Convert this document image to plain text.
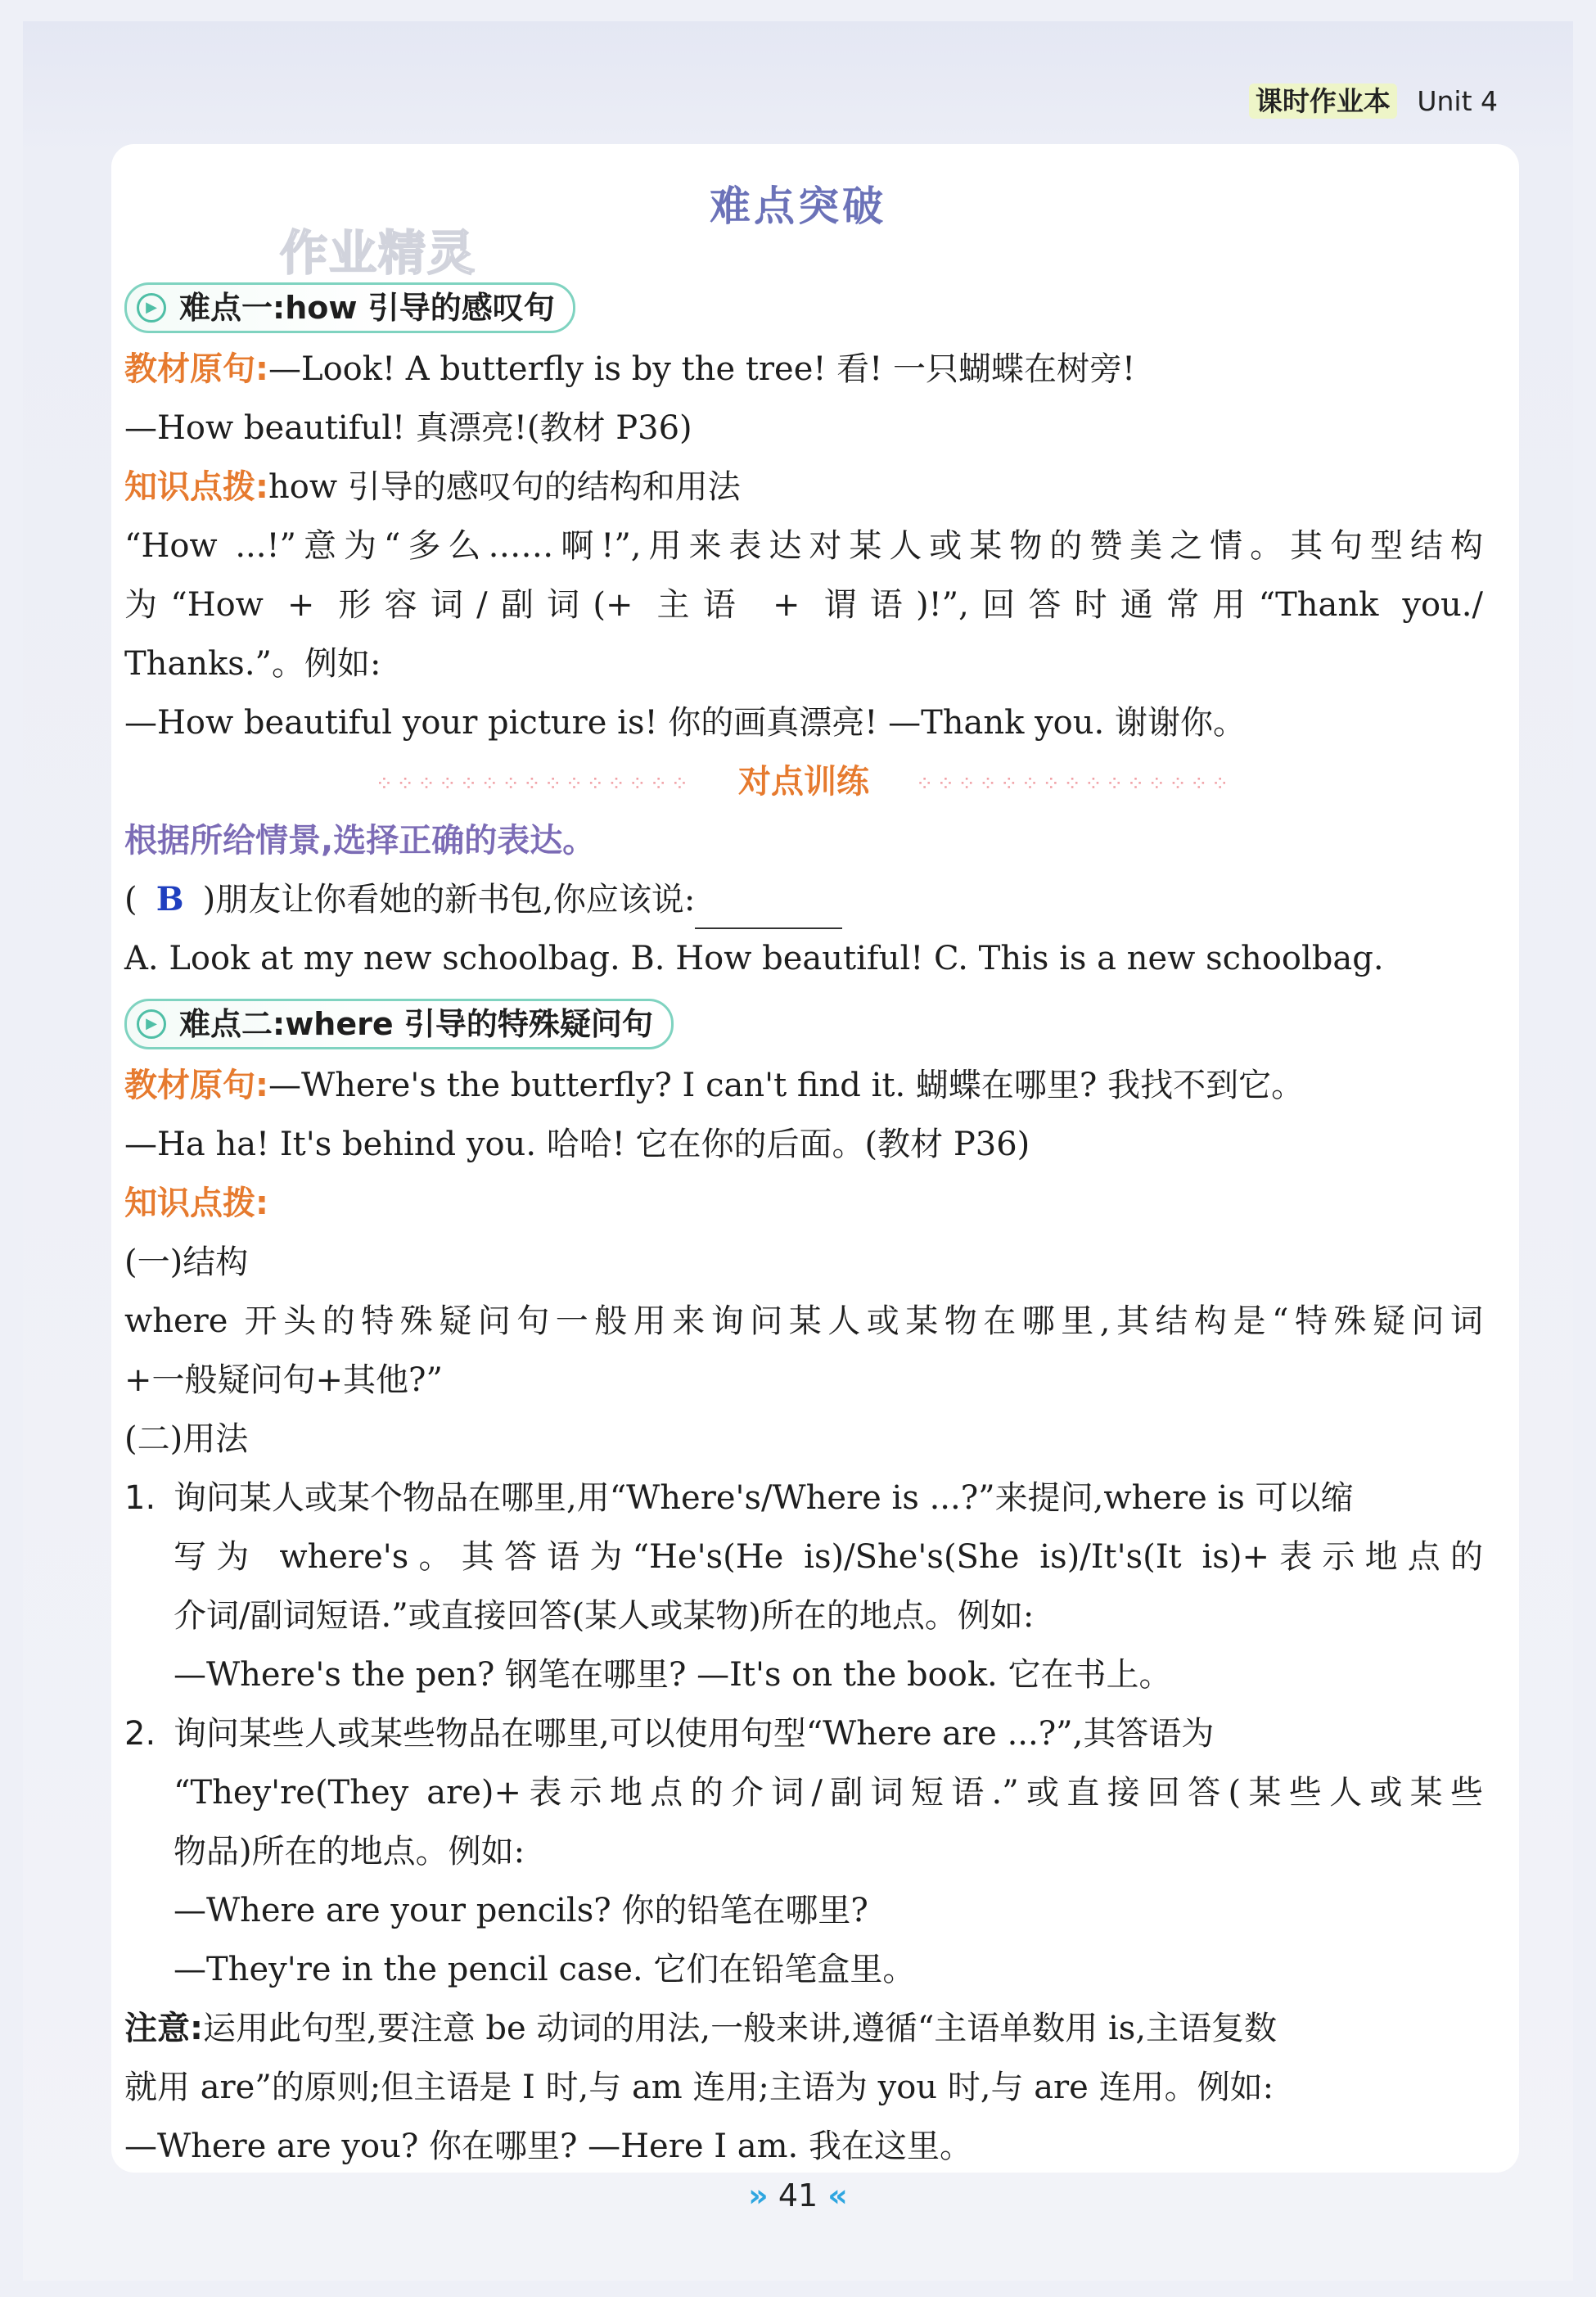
课时作业本 Unit 4
难点突破
作业精灵
▶ 难点一:how 引导的感叹句
教材原句:—Look! A butterfly is by the tree! 看! 一只蝴蝶在树旁!
—How beautiful! 真漂亮!(教材 P36)
知识点拨:how 引导的感叹句的结构和用法
“How ...!”意为“多么……啊!”,用来表达对某人或某物的赞美之情。其句型结构
为“How + 形容词/副词(+ 主语 + 谓语)!”,回答时通常用“Thank you./
Thanks.”。例如:
—How beautiful your picture is! 你的画真漂亮! —Thank you. 谢谢你。
⁘⁘⁘⁘⁘⁘⁘⁘⁘⁘⁘⁘⁘⁘⁘ 对点训练 ⁘⁘⁘⁘⁘⁘⁘⁘⁘⁘⁘⁘⁘⁘⁘
根据所给情景,选择正确的表达。
( B )朋友让你看她的新书包,你应该说:
A. Look at my new schoolbag. B. How beautiful! C. This is a new schoolbag.
▶ 难点二:where 引导的特殊疑问句
教材原句:—Where's the butterfly? I can't find it. 蝴蝶在哪里? 我找不到它。
—Ha ha! It's behind you. 哈哈! 它在你的后面。(教材 P36)
知识点拨:
(一)结构
where 开头的特殊疑问句一般用来询问某人或某物在哪里,其结构是“特殊疑问词
+一般疑问句+其他?”
(二)用法
1. 询问某人或某个物品在哪里,用“Where's/Where is ...?”来提问,where is 可以缩
写为 where's。其答语为“He's(He is)/She's(She is)/It's(It is)+表示地点的
介词/副词短语.”或直接回答(某人或某物)所在的地点。例如:
—Where's the pen? 钢笔在哪里? —It's on the book. 它在书上。
2. 询问某些人或某些物品在哪里,可以使用句型“Where are ...?”,其答语为
“They're(They are)+表示地点的介词/副词短语.”或直接回答(某些人或某些
物品)所在的地点。例如:
—Where are your pencils? 你的铅笔在哪里?
—They're in the pencil case. 它们在铅笔盒里。
注意:运用此句型,要注意 be 动词的用法,一般来讲,遵循“主语单数用 is,主语复数
就用 are”的原则;但主语是 I 时,与 am 连用;主语为 you 时,与 are 连用。例如:
—Where are you? 你在哪里? —Here I am. 我在这里。
» 41 «
